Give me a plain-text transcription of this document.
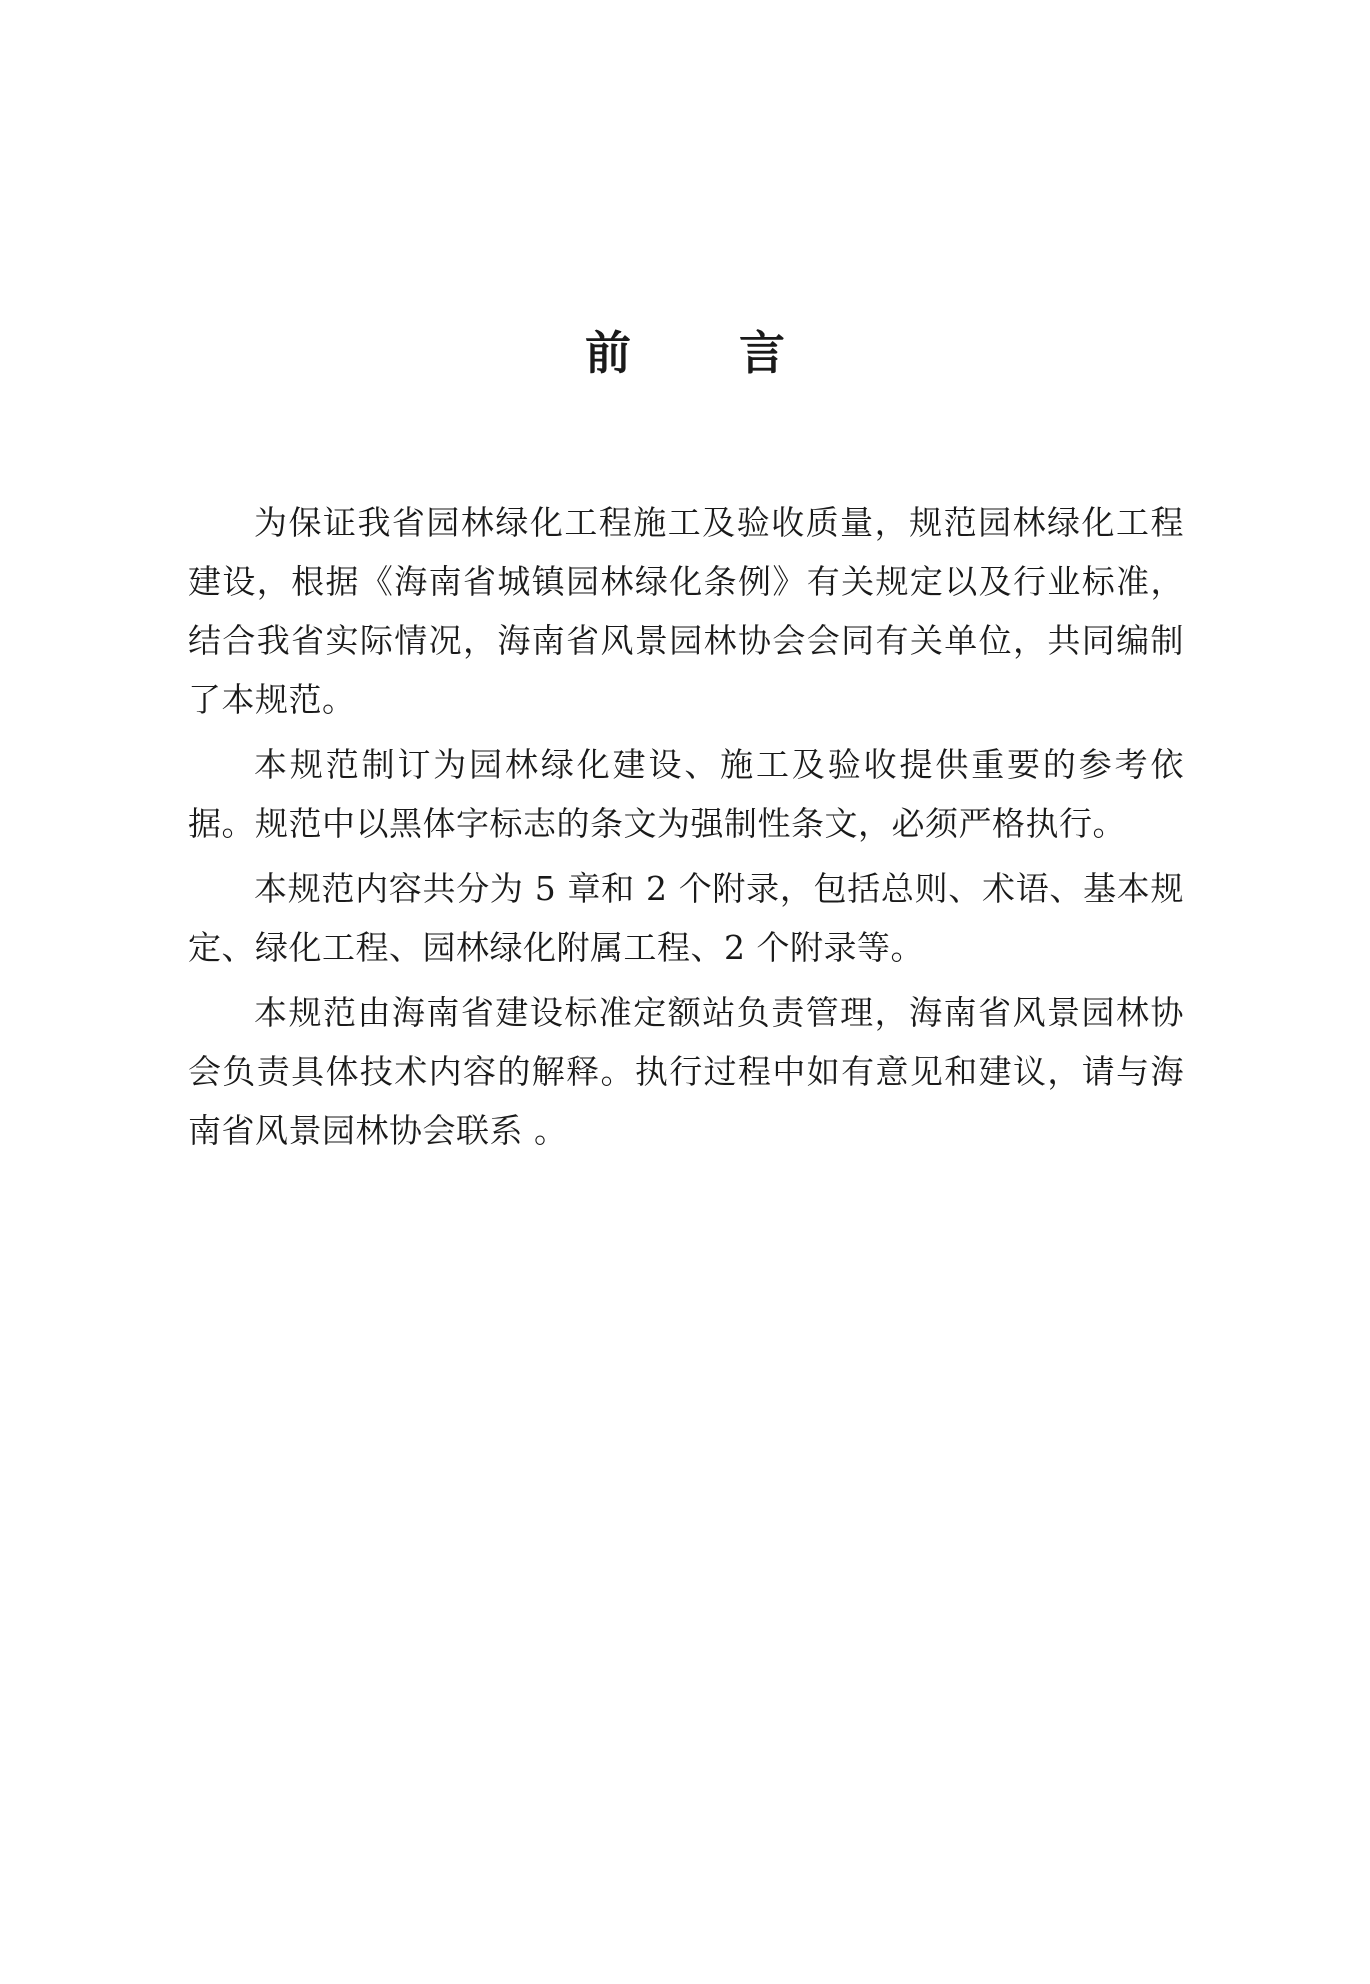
前 言

为保证我省园林绿化工程施工及验收质量，规范园林绿化工程建设，根据《海南省城镇园林绿化条例》有关规定以及行业标准，结合我省实际情况，海南省风景园林协会会同有关单位，共同编制了本规范。

本规范制订为园林绿化建设、施工及验收提供重要的参考依据。规范中以黑体字标志的条文为强制性条文，必须严格执行。

本规范内容共分为 5 章和 2 个附录，包括总则、术语、基本规定、绿化工程、园林绿化附属工程、2 个附录等。

本规范由海南省建设标准定额站负责管理，海南省风景园林协会负责具体技术内容的解释。执行过程中如有意见和建议，请与海南省风景园林协会联系 。
